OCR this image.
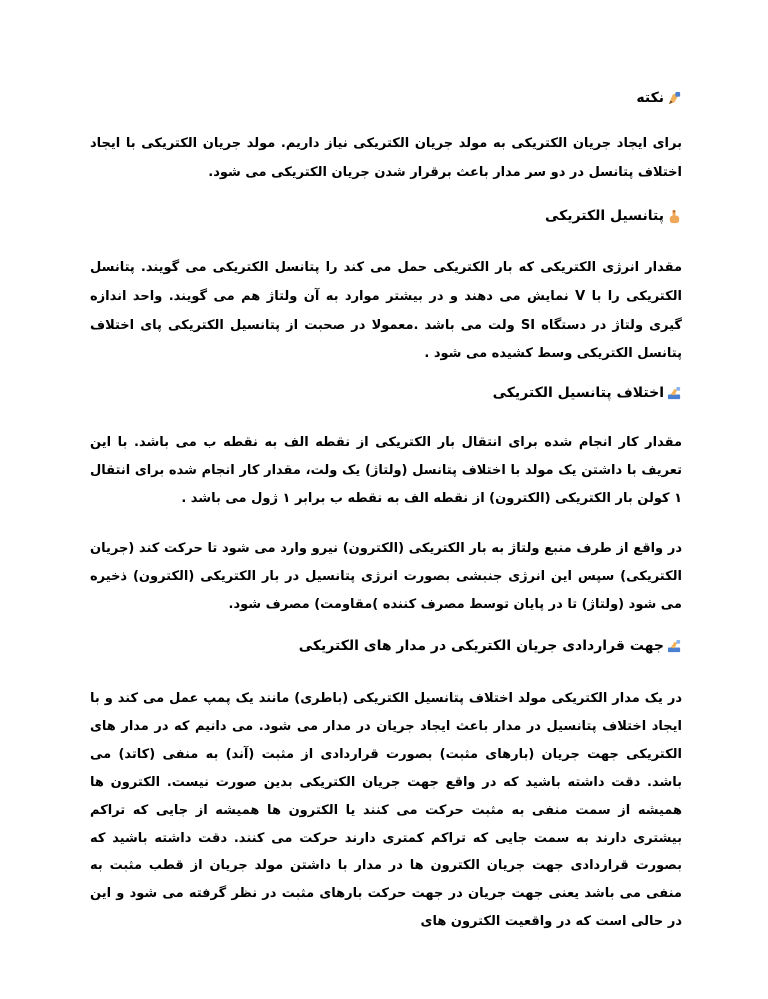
نکته
برای ایجاد جریان الکتریکی به مولد جریان الکتریکی نیاز داریم. مولد جریان الکتریکی با ایجاد اختلاف پتانسل در دو سر مدار باعث برقرار شدن جریان الکتریکی می شود.
پتانسیل الکتریکی
مقدار انرژی الکتریکی که بار الکتریکی حمل می کند را پتانسل الکتریکی می گویند. پتانسل الکتریکی را با V نمایش می دهند و در بیشتر موارد به آن ولتاژ هم می گویند. واحد اندازه گیری ولتاژ در دستگاه SI ولت می باشد .معمولا در صحبت از پتانسیل الکتریکی پای اختلاف پتانسل الکتریکی وسط کشیده می شود .
اختلاف پتانسیل الکتریکی
مقدار کار انجام شده برای انتقال بار الکتریکی از نقطه الف به نقطه ب می باشد. با این تعریف با داشتن یک مولد با اختلاف پتانسل (ولتاژ) یک ولت، مقدار کار انجام شده برای انتقال ۱ کولن بار الکتریکی (الکترون) از نقطه الف به نقطه ب برابر ۱ ژول می باشد .
در واقع از طرف منبع ولتاژ به بار الکتریکی (الکترون) نیرو وارد می شود تا حرکت کند (جریان الکتریکی) سپس این انرژی جنبشی بصورت انرژی پتانسیل در بار الکتریکی (الکترون) ذخیره می شود (ولتاژ) تا در پایان توسط مصرف کننده )مقاومت) مصرف شود.
جهت قراردادی جریان الکتریکی در مدار های الکتریکی
در یک مدار الکتریکی مولد اختلاف پتانسیل الکتریکی (باطری) مانند یک پمپ عمل می کند و با ایجاد اختلاف پتانسیل در مدار باعث ایجاد جریان در مدار می شود. می دانیم که در مدار های الکتریکی جهت جریان (بارهای مثبت) بصورت قراردادی از مثبت (آند) به منفی (کاتد) می باشد. دقت داشته باشید که در واقع جهت جریان الکتریکی بدین صورت نیست. الکترون ها همیشه از سمت منفی به مثبت حرکت می کنند یا الکترون ها همیشه از جایی که تراکم بیشتری دارند به سمت جایی که تراکم کمتری دارند حرکت می کنند. دقت داشته باشید که بصورت قراردادی جهت جریان الکترون ها در مدار با داشتن مولد جریان از قطب مثبت به منفی می باشد یعنی جهت جریان در جهت حرکت بارهای مثبت در نظر گرفته می شود و این در حالی است که در واقعیت الکترون های
